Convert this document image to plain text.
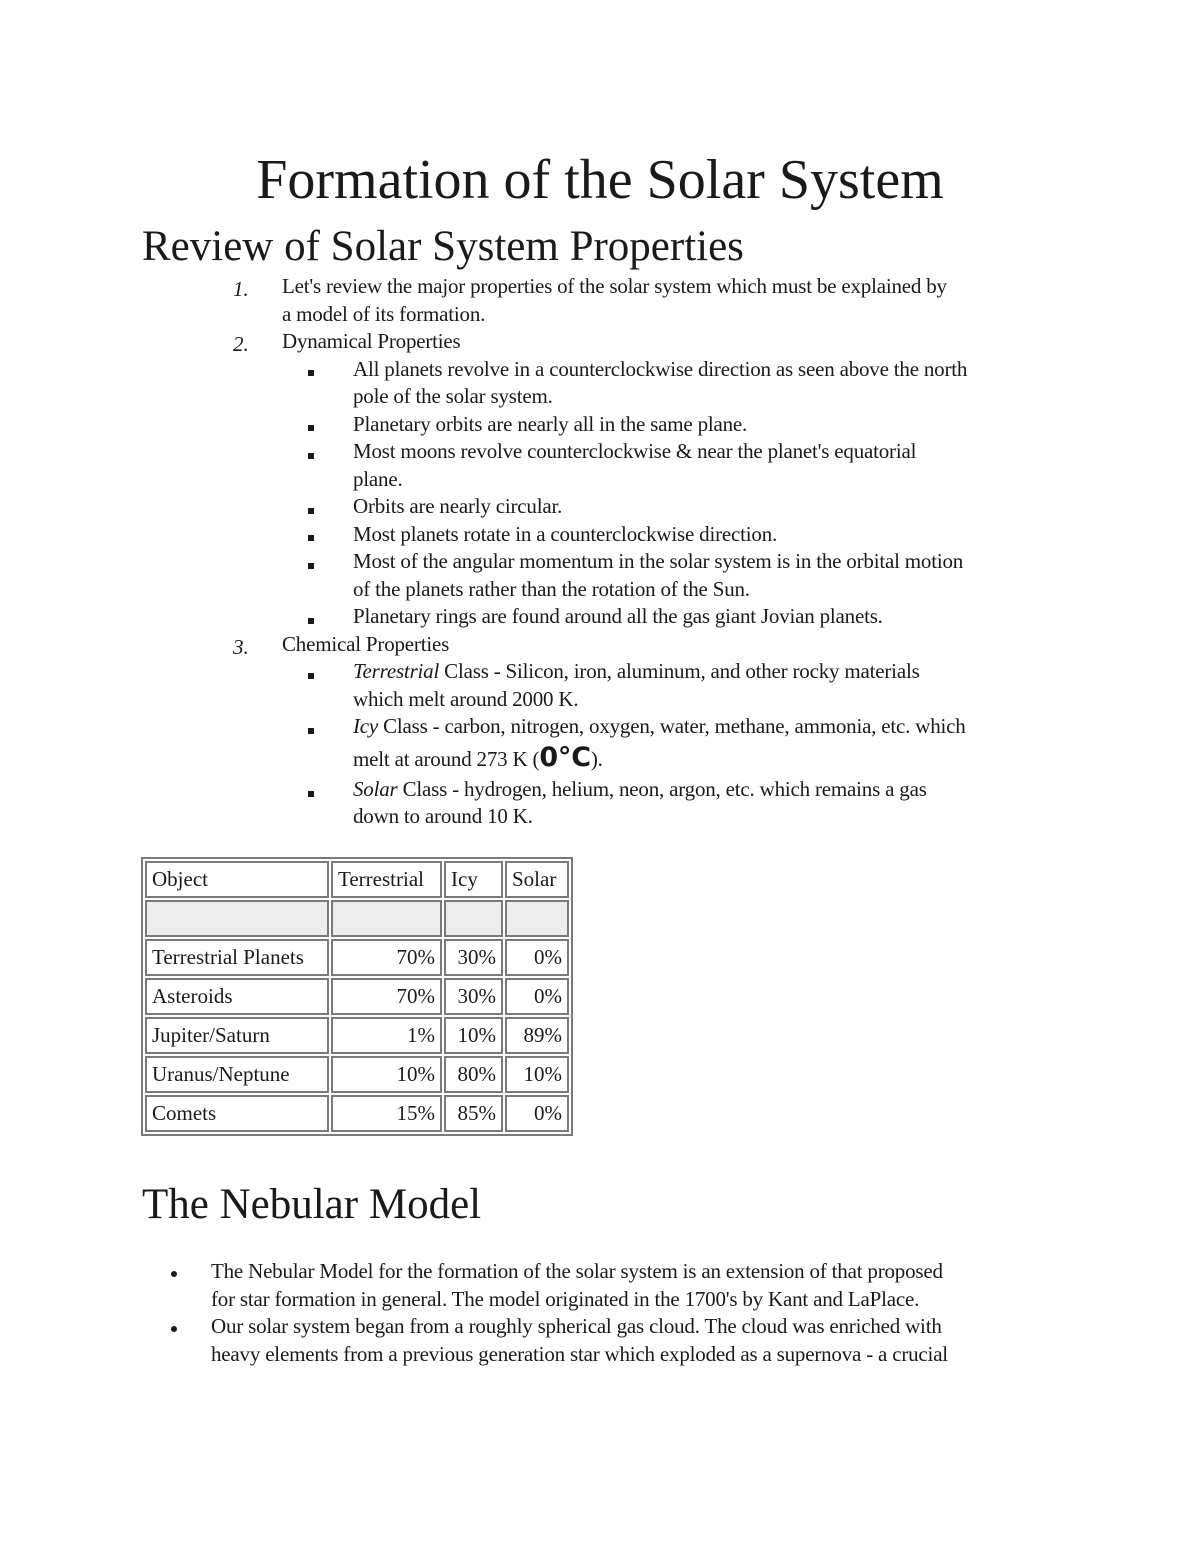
Formation of the Solar System
Review of Solar System Properties
1. Let's review the major properties of the solar system which must be explained by
a model of its formation.
2. Dynamical Properties
All planets revolve in a counterclockwise direction as seen above the north
pole of the solar system.
Planetary orbits are nearly all in the same plane.
Most moons revolve counterclockwise & near the planet's equatorial
plane.
Orbits are nearly circular.
Most planets rotate in a counterclockwise direction.
Most of the angular momentum in the solar system is in the orbital motion
of the planets rather than the rotation of the Sun.
Planetary rings are found around all the gas giant Jovian planets.
3. Chemical Properties
Terrestrial Class - Silicon, iron, aluminum, and other rocky materials
which melt around 2000 K.
Icy Class - carbon, nitrogen, oxygen, water, methane, ammonia, etc. which
melt at around 273 K (0°C).
Solar Class - hydrogen, helium, neon, argon, etc. which remains a gas
down to around 10 K.
Object	Terrestrial	Icy	Solar

Terrestrial Planets	70%	30%	0%
Asteroids	70%	30%	0%
Jupiter/Saturn	1%	10%	89%
Uranus/Neptune	10%	80%	10%
Comets	15%	85%	0%
The Nebular Model
The Nebular Model for the formation of the solar system is an extension of that proposed
for star formation in general. The model originated in the 1700's by Kant and LaPlace.
Our solar system began from a roughly spherical gas cloud. The cloud was enriched with
heavy elements from a previous generation star which exploded as a supernova - a crucial
